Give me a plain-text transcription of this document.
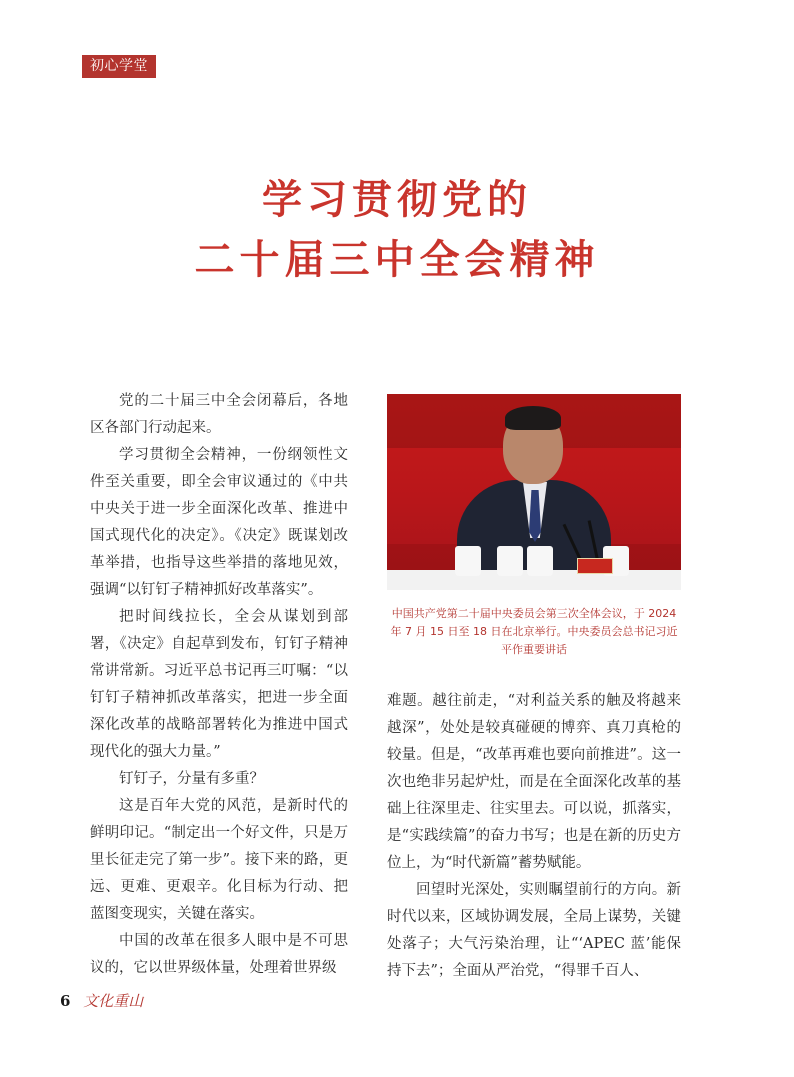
初心学堂
学习贯彻党的
二十届三中全会精神

党的二十届三中全会闭幕后，各地区各部门行动起来。

学习贯彻全会精神，一份纲领性文件至关重要，即全会审议通过的《中共中央关于进一步全面深化改革、推进中国式现代化的决定》。《决定》既谋划改革举措，也指导这些举措的落地见效，强调“以钉钉子精神抓好改革落实”。

把时间线拉长，全会从谋划到部署，《决定》自起草到发布，钉钉子精神常讲常新。习近平总书记再三叮嘱：“以钉钉子精神抓改革落实，把进一步全面深化改革的战略部署转化为推进中国式现代化的强大力量。”

钉钉子，分量有多重？

这是百年大党的风范，是新时代的鲜明印记。“制定出一个好文件，只是万里长征走完了第一步”。接下来的路，更远、更难、更艰辛。化目标为行动、把蓝图变现实，关键在落实。

中国的改革在很多人眼中是不可思议的，它以世界级体量，处理着世界级

中国共产党第二十届中央委员会第三次全体会议，于 2024 年 7 月 15 日至 18 日在北京举行。中央委员会总书记习近平作重要讲话

难题。越往前走，“对利益关系的触及将越来越深”，处处是较真碰硬的博弈、真刀真枪的较量。但是，“改革再难也要向前推进”。这一次也绝非另起炉灶，而是在全面深化改革的基础上往深里走、往实里去。可以说，抓落实，是“实践续篇”的奋力书写；也是在新的历史方位上，为“时代新篇”蓄势赋能。

回望时光深处，实则瞩望前行的方向。新时代以来，区域协调发展，全局上谋势，关键处落子；大气污染治理，让“‘APEC 蓝’能保持下去”；全面从严治党，“得罪千百人、

6 文化重山
